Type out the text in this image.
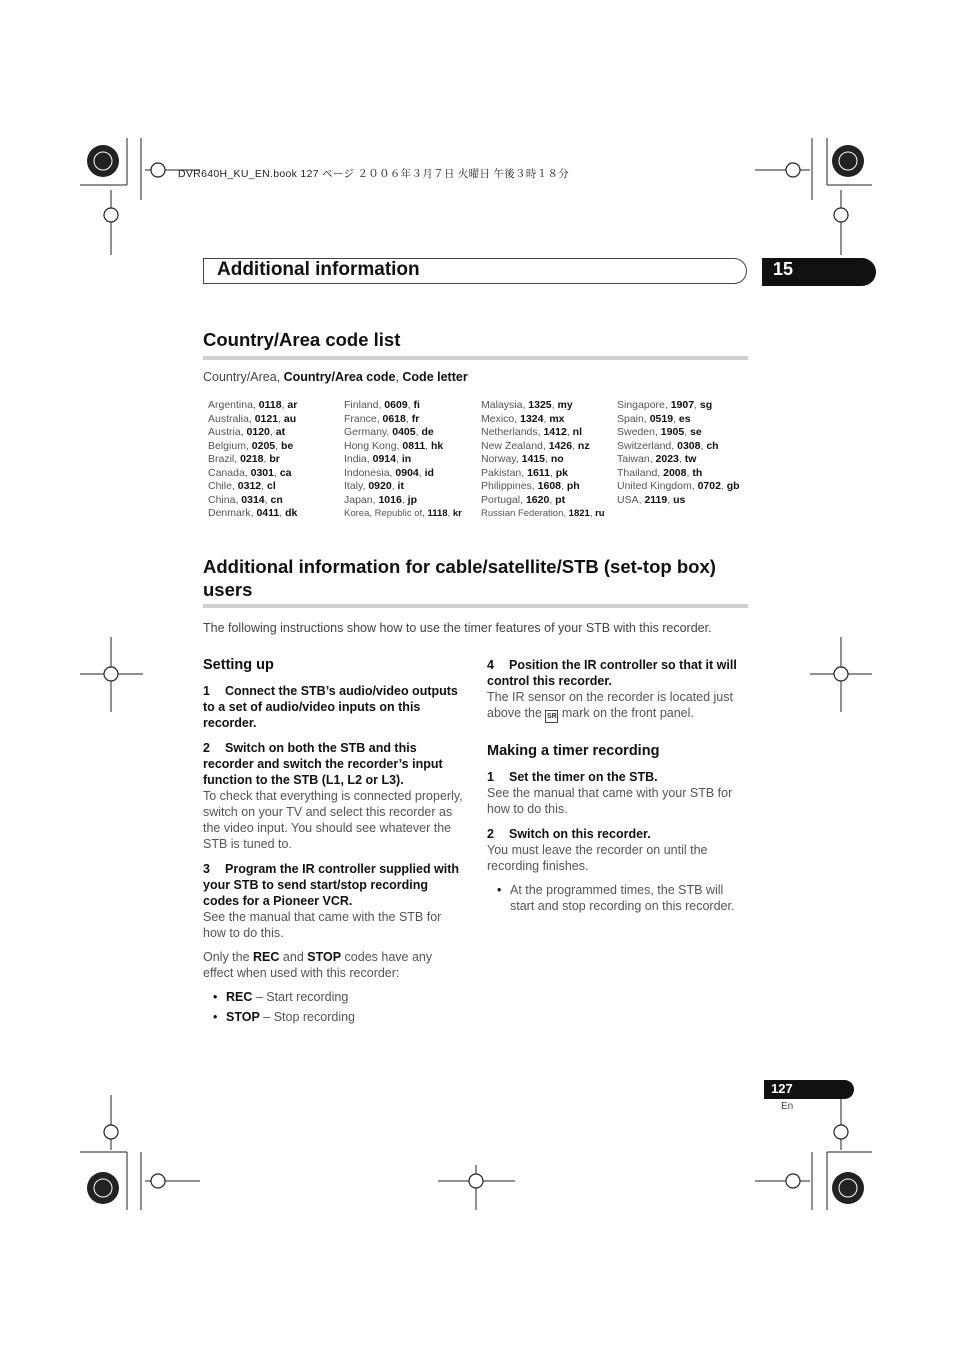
DVR640H_KU_EN.book 127 ページ ２００６年３月７日 火曜日 午後３時１８分
Additional information	15
Country/Area code list
Country/Area, Country/Area code, Code letter
Argentina, 0118, ar
Australia, 0121, au
Austria, 0120, at
Belgium, 0205, be
Brazil, 0218, br
Canada, 0301, ca
Chile, 0312, cl
China, 0314, cn
Denmark, 0411, dk
Finland, 0609, fi
France, 0618, fr
Germany, 0405, de
Hong Kong, 0811, hk
India, 0914, in
Indonesia, 0904, id
Italy, 0920, it
Japan, 1016, jp
Korea, Republic of, 1118, kr
Malaysia, 1325, my
Mexico, 1324, mx
Netherlands, 1412, nl
New Zealand, 1426, nz
Norway, 1415, no
Pakistan, 1611, pk
Philippines, 1608, ph
Portugal, 1620, pt
Russian Federation, 1821, ru
Singapore, 1907, sg
Spain, 0519, es
Sweden, 1905, se
Switzerland, 0308, ch
Taiwan, 2023, tw
Thailand, 2008, th
United Kingdom, 0702, gb
USA, 2119, us
Additional information for cable/satellite/STB (set-top box)
users
The following instructions show how to use the timer features of your STB with this recorder.
Setting up

1 Connect the STB’s audio/video outputs to a set of audio/video inputs on this recorder.

2 Switch on both the STB and this recorder and switch the recorder’s input function to the STB (L1, L2 or L3).

To check that everything is connected properly, switch on your TV and select this recorder as the video input. You should see whatever the STB is tuned to.

3 Program the IR controller supplied with your STB to send start/stop recording codes for a Pioneer VCR.

See the manual that came with the STB for how to do this.

Only the REC and STOP codes have any effect when used with this recorder:

• REC – Start recording
• STOP – Stop recording

4 Position the IR controller so that it will control this recorder.

The IR sensor on the recorder is located just above the SR mark on the front panel.

Making a timer recording

1 Set the timer on the STB.

See the manual that came with your STB for how to do this.

2 Switch on this recorder.

You must leave the recorder on until the recording finishes.

• At the programmed times, the STB will start and stop recording on this recorder.
127
En
